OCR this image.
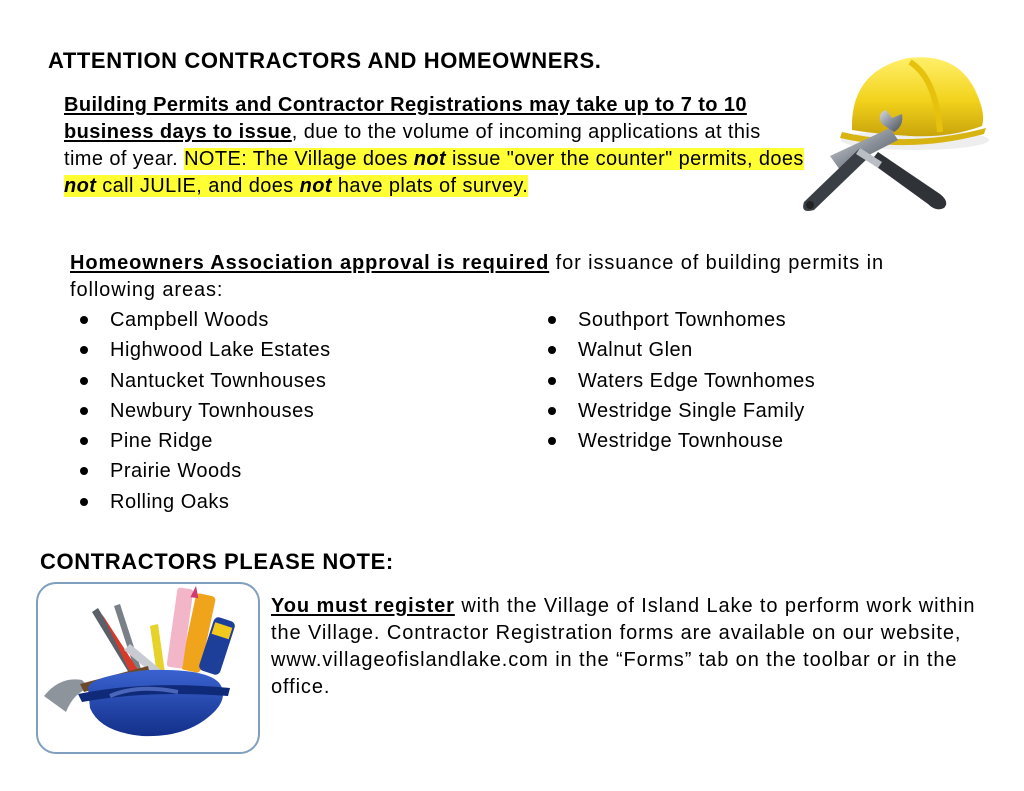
ATTENTION CONTRACTORS AND HOMEOWNERS.
Building Permits and Contractor Registrations may take up to 7 to 10 business days to issue, due to the volume of incoming applications at this time of year. NOTE: The Village does not issue "over the counter" permits, does not call JULIE, and does not have plats of survey.
Homeowners Association approval is required for issuance of building permits in following areas:
Campbell Woods
Highwood Lake Estates
Nantucket Townhouses
Newbury Townhouses
Pine Ridge
Prairie Woods
Rolling Oaks
Southport Townhomes
Walnut Glen
Waters Edge Townhomes
Westridge Single Family
Westridge Townhouse
CONTRACTORS PLEASE NOTE:
You must register with the Village of Island Lake to perform work within the Village. Contractor Registration forms are available on our website, www.villageofislandlake.com in the “Forms” tab on the toolbar or in the office.
